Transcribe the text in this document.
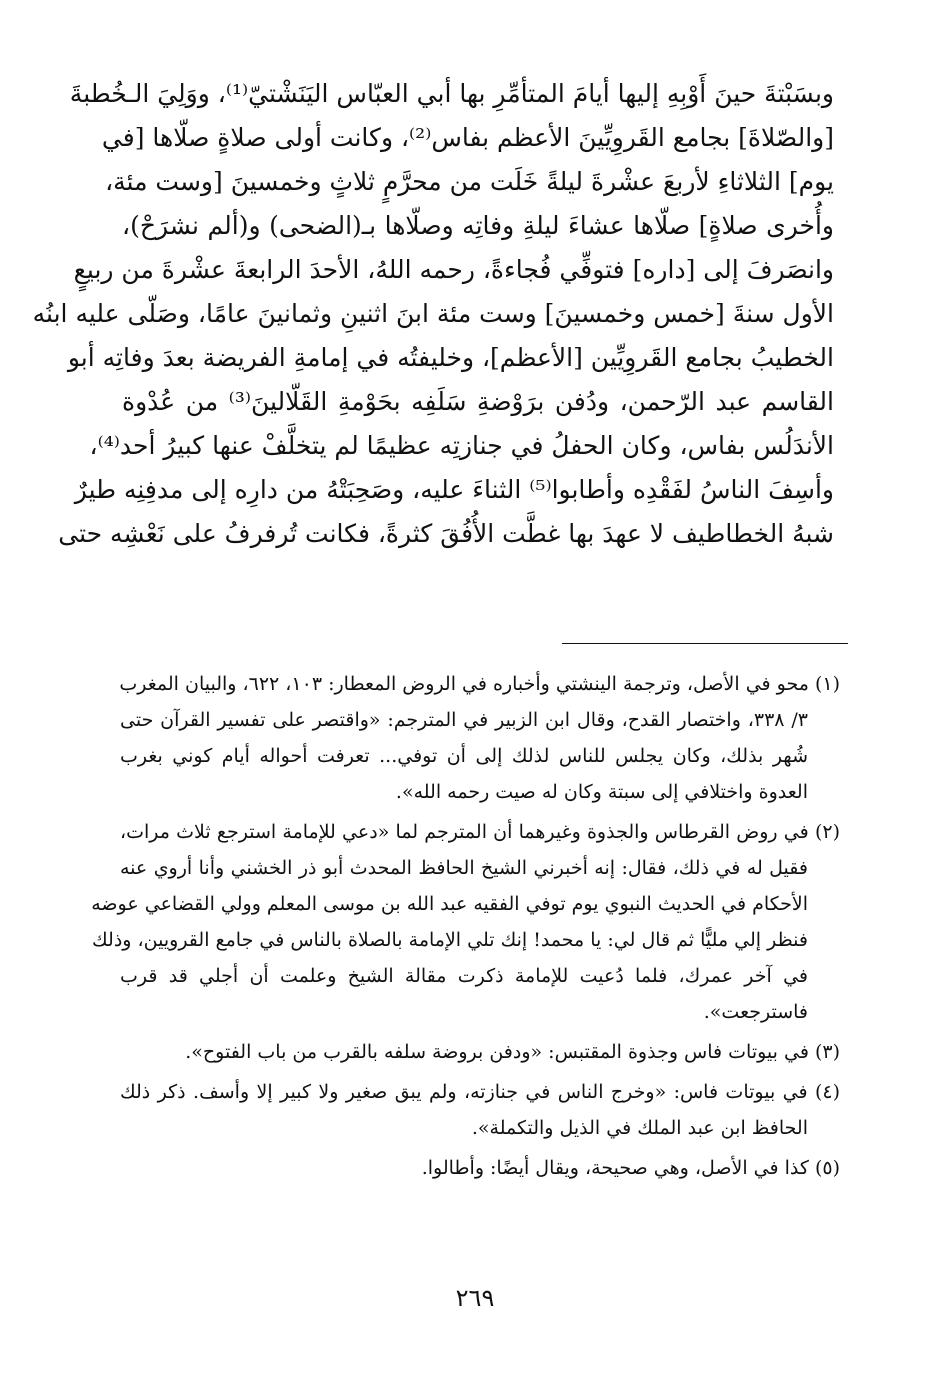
وبسَبْتةَ حينَ أَوْبِهِ إليها أيامَ المتأمِّرِ بها أبي العبّاس اليَنَشْتيّ⁽¹⁾، ووَلِيَ الـخُطبةَ
[والصّلاةَ] بجامع القَروِيِّينَ الأعظم بفاس⁽²⁾، وكانت أولى صلاةٍ صلّاها [في
يوم] الثلاثاءِ لأربعَ عشْرةَ ليلةً خَلَت من محرَّمٍ ثلاثٍ وخمسينَ [وست مئة،
وأُخرى صلاةٍ] صلّاها عشاءَ ليلةِ وفاتِه وصلّاها بـ(الضحى) و(ألم نشرَحْ)،
وانصَرفَ إلى [داره] فتوفِّي فُجاءةً، رحمه اللهُ، الأحدَ الرابعةَ عشْرةَ من ربيعٍ
الأول سنةَ [خمس وخمسينَ] وست مئة ابنَ اثنينِ وثمانينَ عامًا، وصَلّى عليه ابنُه
الخطيبُ بجامع القَروِيِّين [الأعظم]، وخليفتُه في إمامةِ الفريضة بعدَ وفاتِه أبو
القاسم عبد الرّحمن، ودُفن برَوْضةِ سَلَفِه بحَوْمةِ القَلّالينَ⁽³⁾ من عُدْوة
الأندَلُس بفاس، وكان الحفلُ في جنازتِه عظيمًا لم يتخلَّفْ عنها كبيرُ أحد⁽⁴⁾،
وأسِفَ الناسُ لفَقْدِه وأطابوا⁽⁵⁾ الثناءَ عليه، وصَحِبَتْهُ من دارِه إلى مدفِنِه طيرٌ
شبهُ الخطاطيف لا عهدَ بها غطَّت الأُفُقَ كثرةً، فكانت تُرفرفُ على نَعْشِه حتى
(١) محو في الأصل، وترجمة الينشتي وأخباره في الروض المعطار: ١٠٣، ٦٢٢، والبيان المغرب
٣/ ٣٣٨، واختصار القدح، وقال ابن الزبير في المترجم: «واقتصر على تفسير القرآن حتى
شُهر بذلك، وكان يجلس للناس لذلك إلى أن توفي... تعرفت أحواله أيام كوني بغرب
العدوة واختلافي إلى سبتة وكان له صيت رحمه الله».
(٢) في روض القرطاس والجذوة وغيرهما أن المترجم لما «دعي للإمامة استرجع ثلاث مرات،
فقيل له في ذلك، فقال: إنه أخبرني الشيخ الحافظ المحدث أبو ذر الخشني وأنا أروي عنه
الأحكام في الحديث النبوي يوم توفي الفقيه عبد الله بن موسى المعلم وولي القضاعي عوضه
فنظر إلي مليًّا ثم قال لي: يا محمد! إنك تلي الإمامة بالصلاة بالناس في جامع القرويين، وذلك
في آخر عمرك، فلما دُعيت للإمامة ذكرت مقالة الشيخ وعلمت أن أجلي قد قرب
فاسترجعت».
(٣) في بيوتات فاس وجذوة المقتبس: «ودفن بروضة سلفه بالقرب من باب الفتوح».
(٤) في بيوتات فاس: «وخرج الناس في جنازته، ولم يبق صغير ولا كبير إلا وأسف. ذكر ذلك
الحافظ ابن عبد الملك في الذيل والتكملة».
(٥) كذا في الأصل، وهي صحيحة، ويقال أيضًا: وأطالوا.
٢٦٩
